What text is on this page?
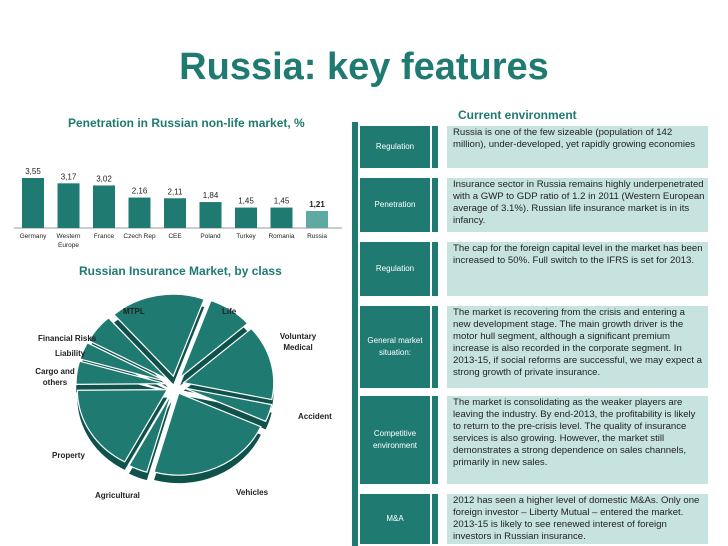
Russia: key features
Penetration in Russian non-life market, %
3,55
Germany
3,17
Western
Europe
3,02
France
2,16
Czech Rep
2,11
CEE
1,84
Poland
1,45
Turkey
1,45
Romania
1,21
Russia
Russian Insurance Market, by class
MTPL	Life
Voluntary Medical
Financial Risks
Liability
Cargo and others
Accident
Property
Agricultural	Vehicles
Current environment
Regulation
Russia is one of the few sizeable (population of 142 million), under-developed, yet rapidly growing economies
Penetration
Insurance sector in Russia remains highly underpenetrated with a GWP to GDP ratio of 1.2 in 2011 (Western European average of 3.1%). Russian life insurance market is in its infancy.
Regulation
The cap for the foreign capital level in the market has been increased to 50%. Full switch to the IFRS is set for 2013.
General market situation:
The market is recovering from the crisis and entering a new development stage. The main growth driver is the motor hull segment, although a significant premium increase is also recorded in the corporate segment. In 2013-15, if social reforms are successful, we may expect a strong growth of private insurance.
Competitive environment
The market is consolidating as the weaker players are leaving the industry. By end-2013, the profitability is likely to return to the pre-crisis level. The quality of insurance services is also growing. However, the market still demonstrates a strong dependence on sales channels, primarily in new sales.
M&A
2012 has seen a higher level of domestic M&As. Only one foreign investor – Liberty Mutual – entered the market. 2013-15 is likely to see renewed interest of foreign investors in Russian insurance.
